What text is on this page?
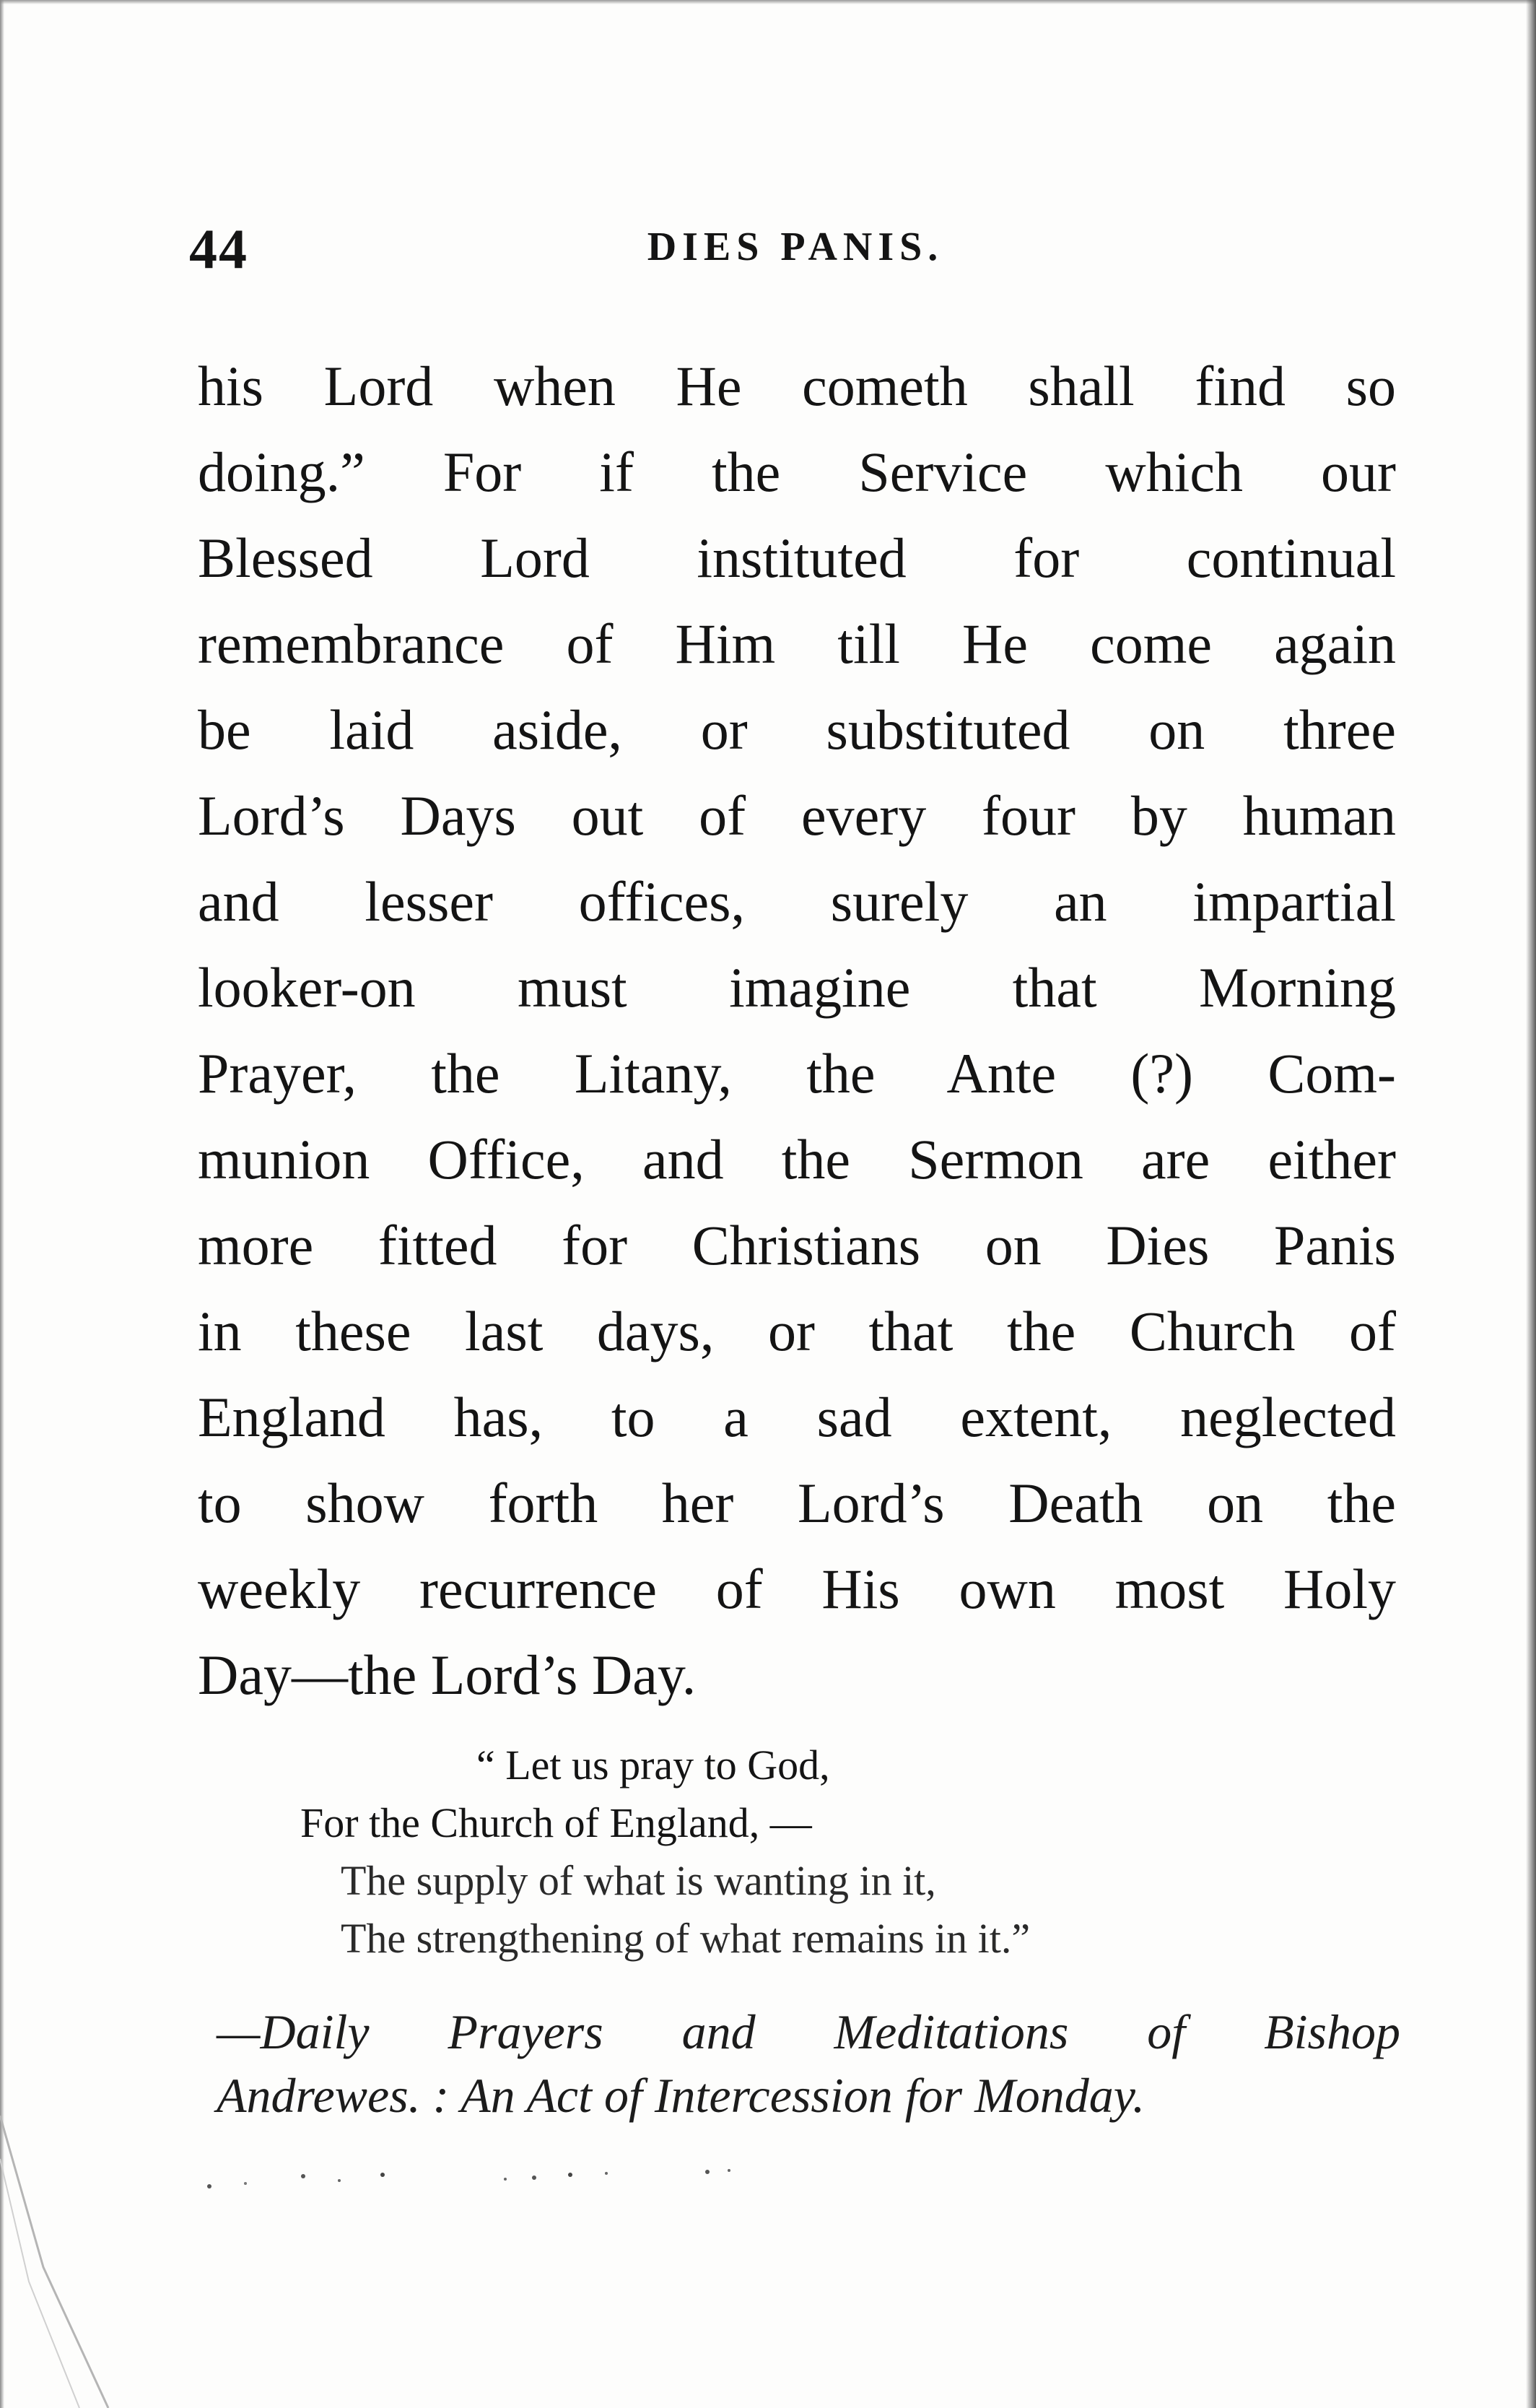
44	DIES PANIS.
his Lord when He cometh shall find so
doing.” For if the Service which our
Blessed Lord instituted for continual
remembrance of Him till He come again
be laid aside, or substituted on three
Lord’s Days out of every four by human
and lesser offices, surely an impartial
looker-on must imagine that Morning
Prayer, the Litany, the Ante (?) Com-
munion Office, and the Sermon are either
more fitted for Christians on Dies Panis
in these last days, or that the Church of
England has, to a sad extent, neglected
to show forth her Lord’s Death on the
weekly recurrence of His own most Holy
Day—the Lord’s Day.
“ Let us pray to God,
For the Church of England, —
The supply of what is wanting in it,
The strengthening of what remains in it.”
—Daily Prayers and Meditations of Bishop
Andrewes. : An Act of Intercession for Monday.
